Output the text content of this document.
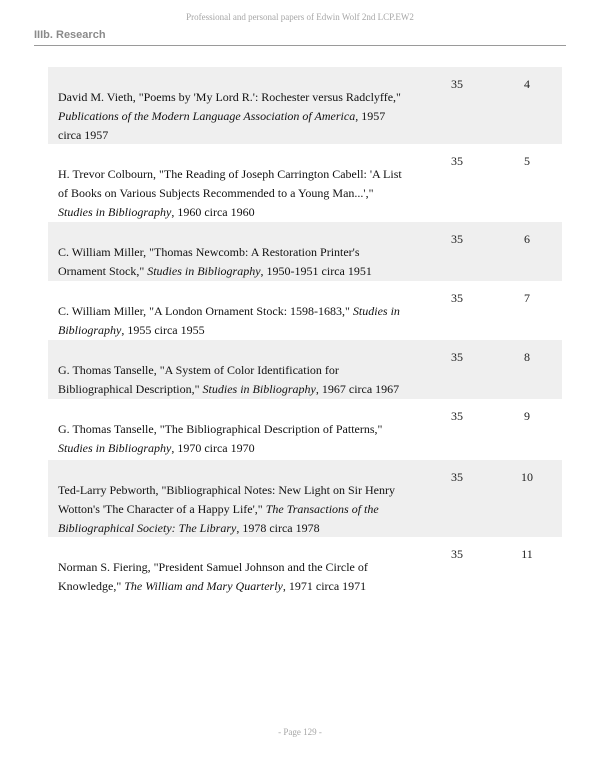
Professional and personal papers of Edwin Wolf 2nd LCP.EW2
IIIb. Research
David M. Vieth, "Poems by 'My Lord R.': Rochester versus Radclyffe," Publications of the Modern Language Association of America, 1957 circa 1957
35	4
H. Trevor Colbourn, "The Reading of Joseph Carrington Cabell: 'A List of Books on Various Subjects Recommended to a Young Man...'," Studies in Bibliography, 1960 circa 1960
35	5
C. William Miller, "Thomas Newcomb: A Restoration Printer's Ornament Stock," Studies in Bibliography, 1950-1951 circa 1951
35	6
C. William Miller, "A London Ornament Stock: 1598-1683," Studies in Bibliography, 1955 circa 1955
35	7
G. Thomas Tanselle, "A System of Color Identification for Bibliographical Description," Studies in Bibliography, 1967 circa 1967
35	8
G. Thomas Tanselle, "The Bibliographical Description of Patterns," Studies in Bibliography, 1970 circa 1970
35	9
Ted-Larry Pebworth, "Bibliographical Notes: New Light on Sir Henry Wotton's 'The Character of a Happy Life'," The Transactions of the Bibliographical Society: The Library, 1978 circa 1978
35	10
Norman S. Fiering, "President Samuel Johnson and the Circle of Knowledge," The William and Mary Quarterly, 1971 circa 1971
35	11
- Page 129 -
